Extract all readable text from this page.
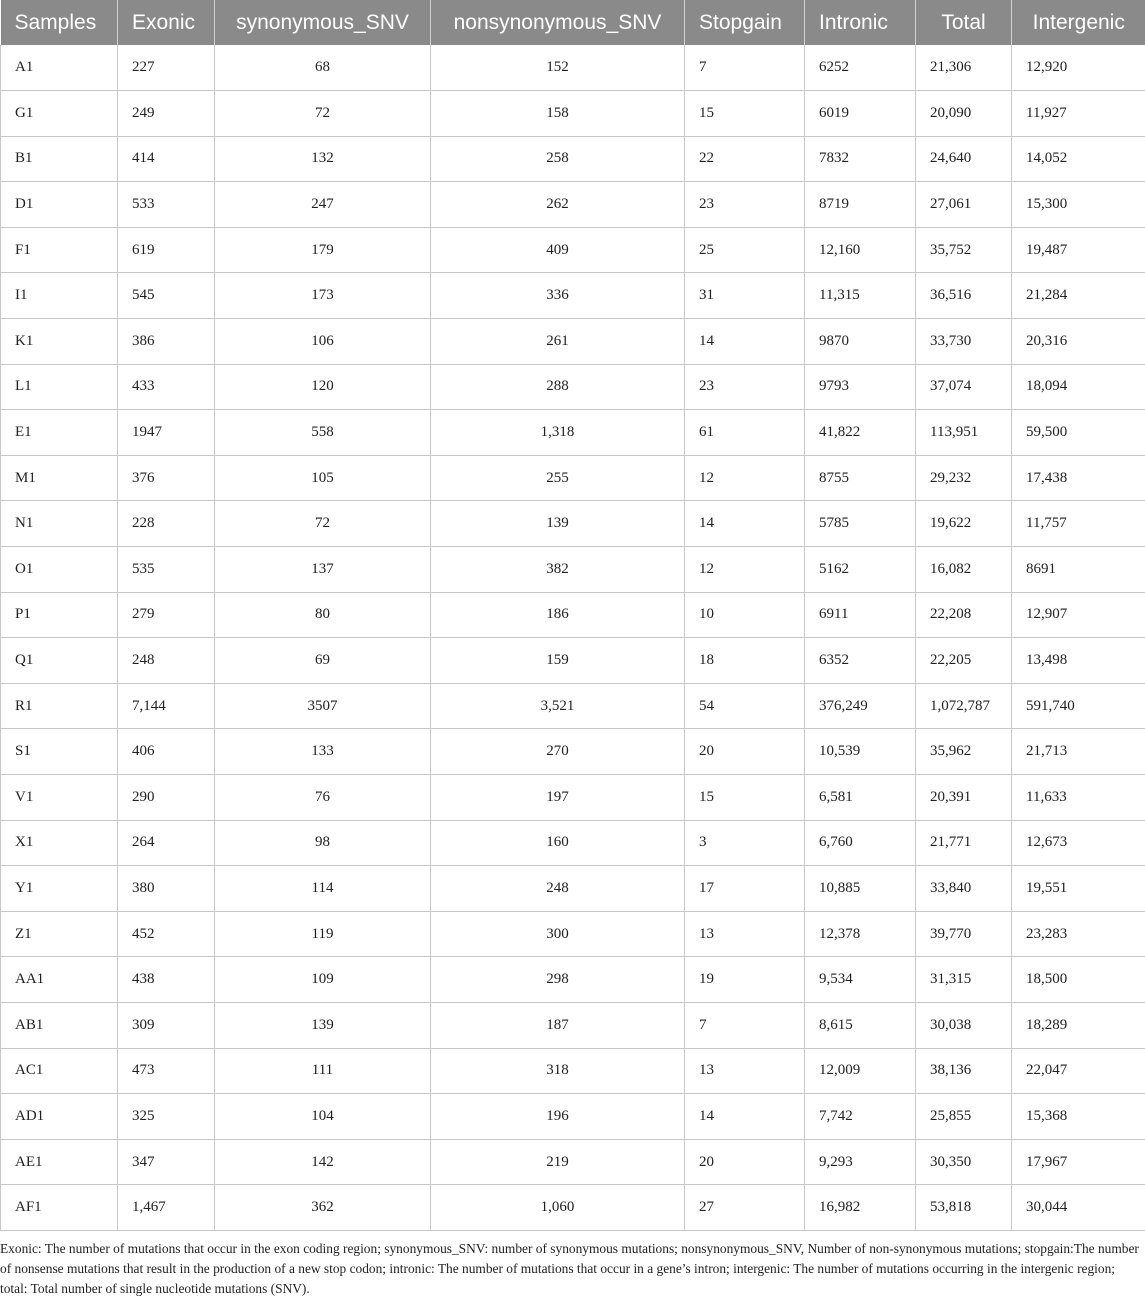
Samples	Exonic	synonymous_SNV	nonsynonymous_SNV	Stopgain	Intronic	Total	Intergenic
A1	227	68	152	7	6252	21,306	12,920
G1	249	72	158	15	6019	20,090	11,927
B1	414	132	258	22	7832	24,640	14,052
D1	533	247	262	23	8719	27,061	15,300
F1	619	179	409	25	12,160	35,752	19,487
I1	545	173	336	31	11,315	36,516	21,284
K1	386	106	261	14	9870	33,730	20,316
L1	433	120	288	23	9793	37,074	18,094
E1	1947	558	1,318	61	41,822	113,951	59,500
M1	376	105	255	12	8755	29,232	17,438
N1	228	72	139	14	5785	19,622	11,757
O1	535	137	382	12	5162	16,082	8691
P1	279	80	186	10	6911	22,208	12,907
Q1	248	69	159	18	6352	22,205	13,498
R1	7,144	3507	3,521	54	376,249	1,072,787	591,740
S1	406	133	270	20	10,539	35,962	21,713
V1	290	76	197	15	6,581	20,391	11,633
X1	264	98	160	3	6,760	21,771	12,673
Y1	380	114	248	17	10,885	33,840	19,551
Z1	452	119	300	13	12,378	39,770	23,283
AA1	438	109	298	19	9,534	31,315	18,500
AB1	309	139	187	7	8,615	30,038	18,289
AC1	473	111	318	13	12,009	38,136	22,047
AD1	325	104	196	14	7,742	25,855	15,368
AE1	347	142	219	20	9,293	30,350	17,967
AF1	1,467	362	1,060	27	16,982	53,818	30,044
Exonic: The number of mutations that occur in the exon coding region; synonymous_SNV: number of synonymous mutations; nonsynonymous_SNV, Number of non-synonymous mutations; stopgain:The number of nonsense mutations that result in the production of a new stop codon; intronic: The number of mutations that occur in a gene’s intron; intergenic: The number of mutations occurring in the intergenic region; total: Total number of single nucleotide mutations (SNV).
